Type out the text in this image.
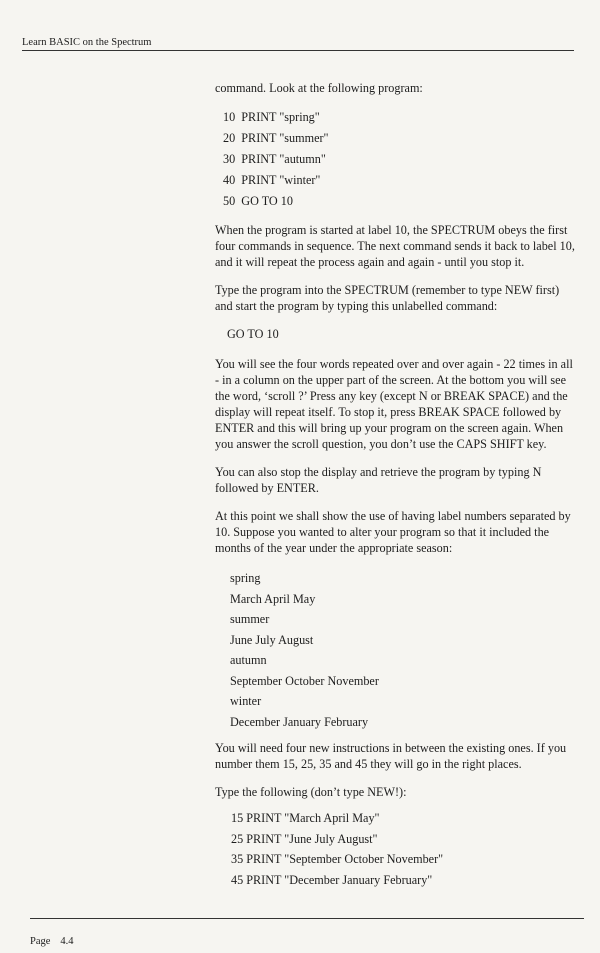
Learn BASIC on the Spectrum

command. Look at the following program:

10  PRINT "spring"
20  PRINT "summer"
30  PRINT "autumn"
40  PRINT "winter"
50  GO TO 10

When the program is started at label 10, the SPECTRUM obeys the first four commands in sequence. The next command sends it back to label 10, and it will repeat the process again and again - until you stop it.

Type the program into the SPECTRUM (remember to type NEW first) and start the program by typing this unlabelled command:

GO TO 10

You will see the four words repeated over and over again - 22 times in all - in a column on the upper part of the screen. At the bottom you will see the word, ‘scroll ?’ Press any key (except N or BREAK SPACE) and the display will repeat itself. To stop it, press BREAK SPACE followed by ENTER and this will bring up your program on the screen again. When you answer the scroll question, you don’t use the CAPS SHIFT key.

You can also stop the display and retrieve the program by typing N followed by ENTER.

At this point we shall show the use of having label numbers separated by 10. Suppose you wanted to alter your program so that it included the months of the year under the appropriate season:

spring
March April May
summer
June July August
autumn
September October November
winter
December January February

You will need four new instructions in between the existing ones. If you number them 15, 25, 35 and 45 they will go in the right places.

Type the following (don’t type NEW!):

15 PRINT "March April May"
25 PRINT "June July August"
35 PRINT "September October November"
45 PRINT "December January February"
Page 4.4
